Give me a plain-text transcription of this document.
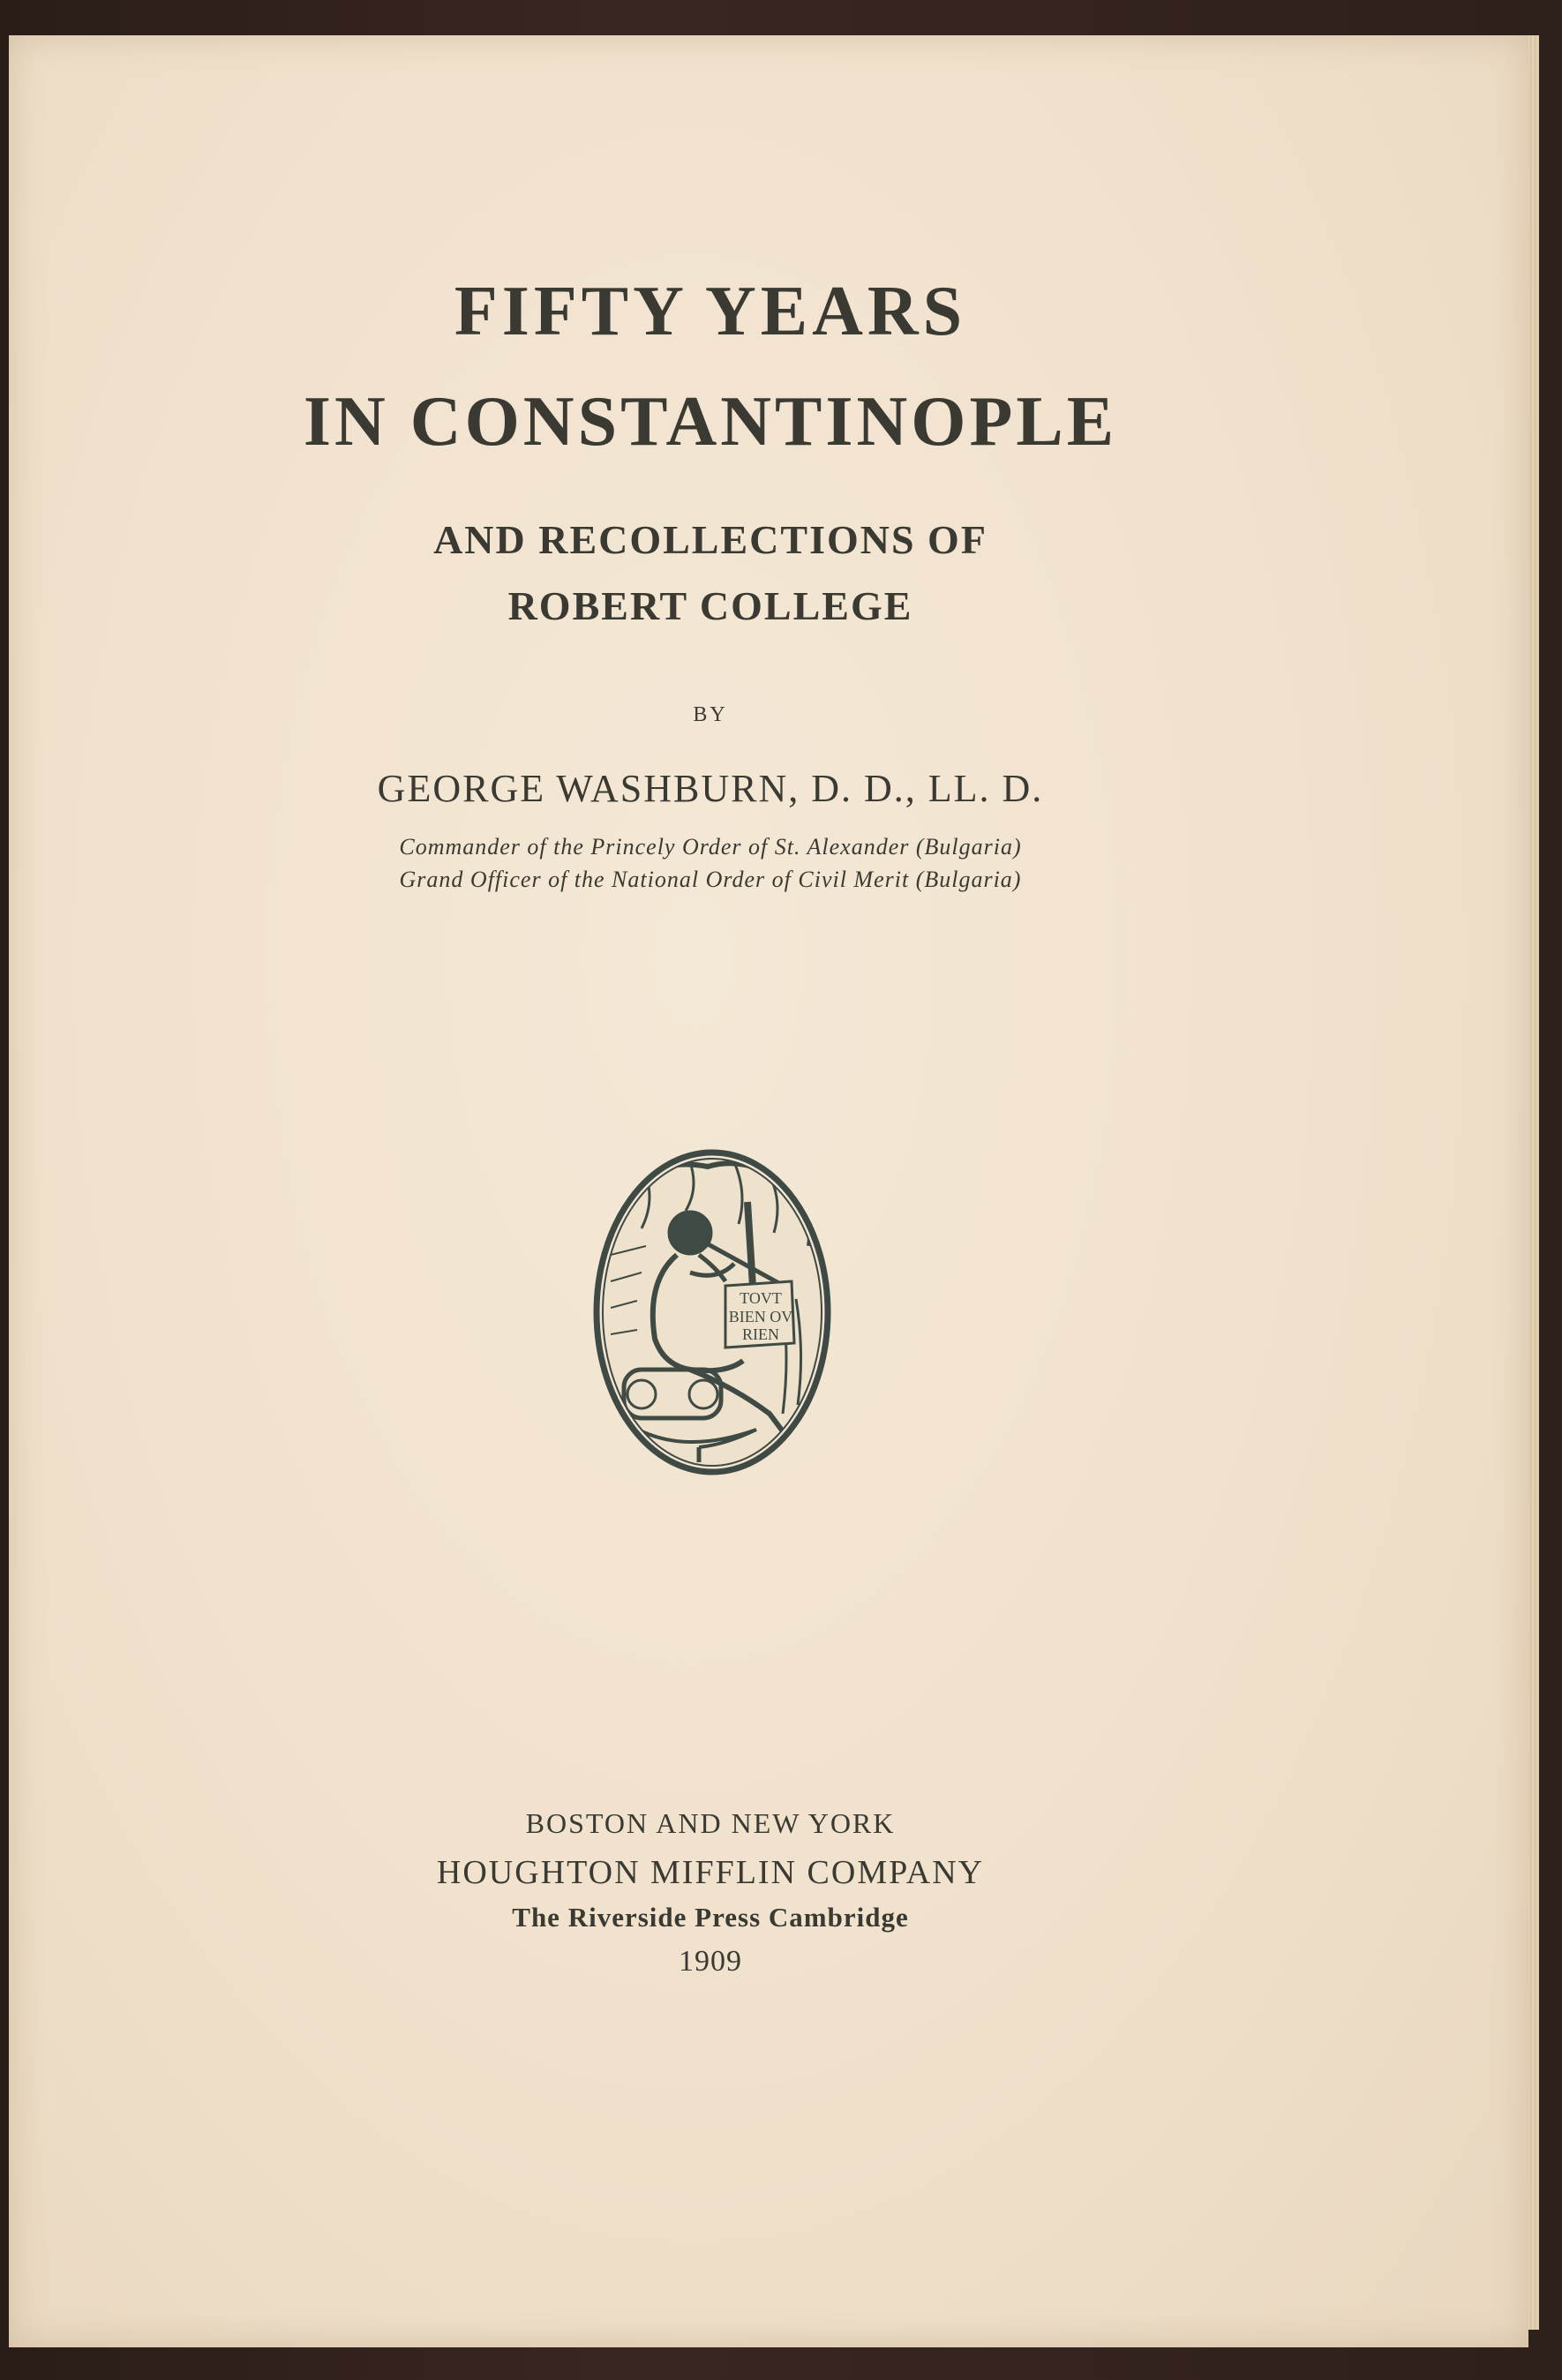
FIFTY YEARS
IN CONSTANTINOPLE
AND RECOLLECTIONS OF
ROBERT COLLEGE

BY

GEORGE WASHBURN, D. D., LL. D.

Commander of the Princely Order of St. Alexander (Bulgaria)

Grand Officer of the National Order of Civil Merit (Bulgaria)

TOVT
BIEN OV
RIEN

BOSTON AND NEW YORK

HOUGHTON MIFFLIN COMPANY

The Riverside Press Cambridge

1909
